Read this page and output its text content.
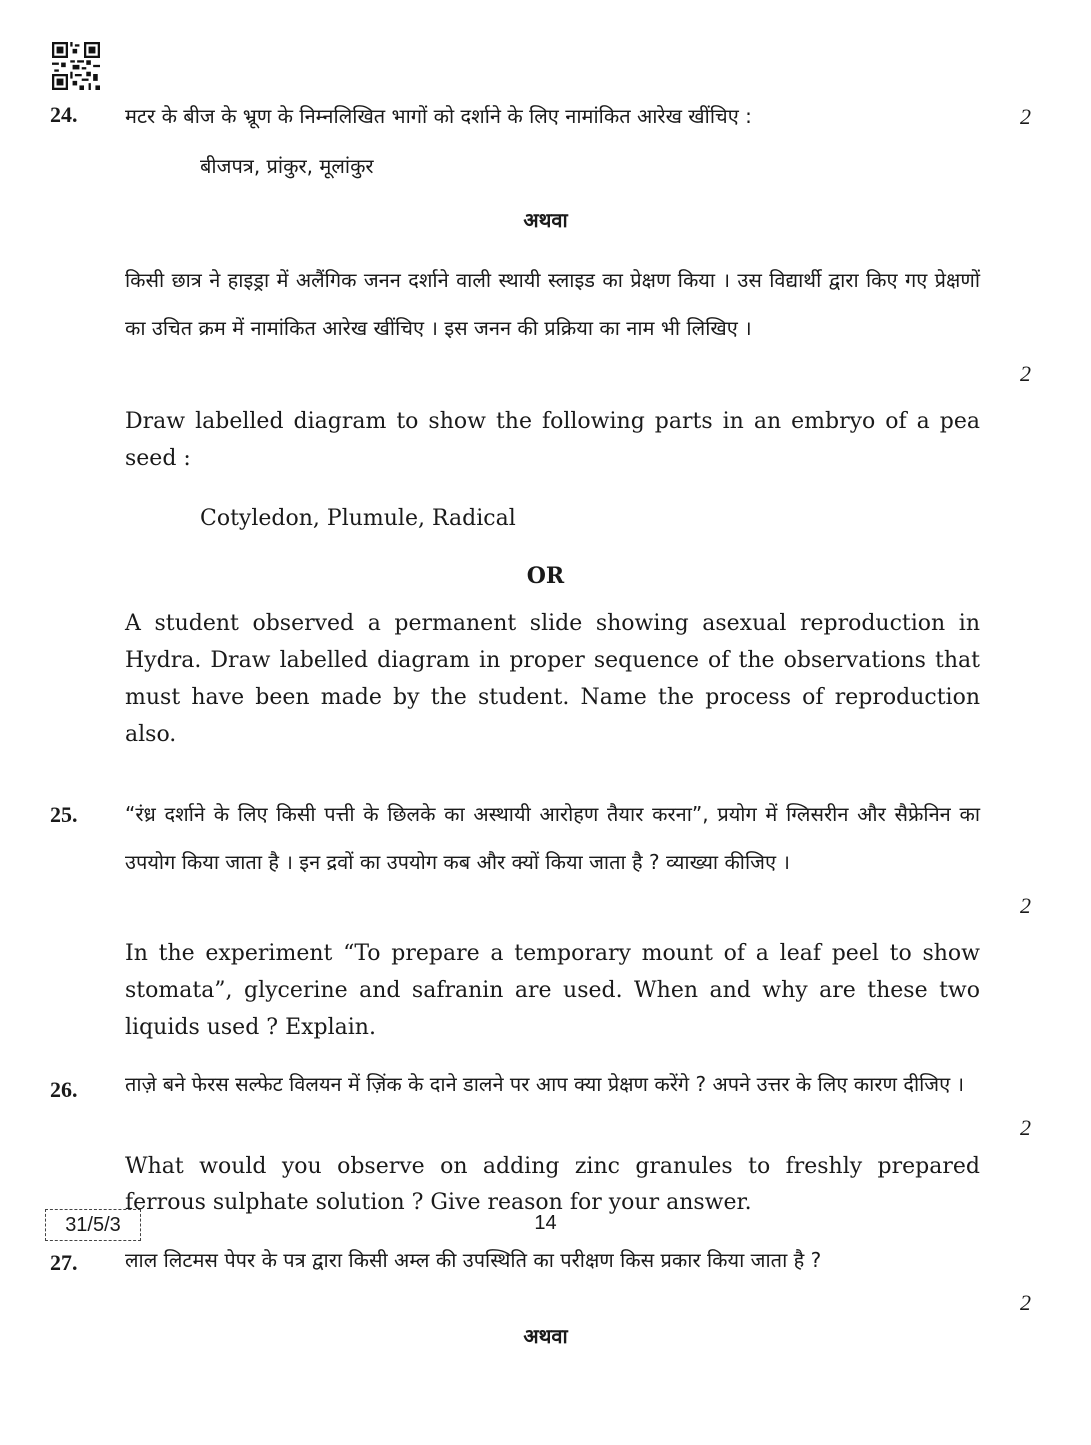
24. मटर के बीज के भ्रूण के निम्नलिखित भागों को दर्शाने के लिए नामांकित आरेख खींचिए :	2
बीजपत्र, प्रांकुर, मूलांकुर
अथवा
किसी छात्र ने हाइड्रा में अलैंगिक जनन दर्शाने वाली स्थायी स्लाइड का प्रेक्षण किया । उस विद्यार्थी द्वारा किए गए प्रेक्षणों का उचित क्रम में नामांकित आरेख खींचिए । इस जनन की प्रक्रिया का नाम भी लिखिए ।
2
Draw labelled diagram to show the following parts in an embryo of a pea seed :
Cotyledon, Plumule, Radical
OR
A student observed a permanent slide showing asexual reproduction in Hydra. Draw labelled diagram in proper sequence of the observations that must have been made by the student. Name the process of reproduction also.
25. “रंध्र दर्शाने के लिए किसी पत्ती के छिलके का अस्थायी आरोहण तैयार करना”, प्रयोग में ग्लिसरीन और सैफ्रेनिन का उपयोग किया जाता है । इन द्रवों का उपयोग कब और क्यों किया जाता है ? व्याख्या कीजिए ।
2
In the experiment “To prepare a temporary mount of a leaf peel to show stomata”, glycerine and safranin are used. When and why are these two liquids used ? Explain.
26. ताज़े बने फेरस सल्फेट विलयन में ज़िंक के दाने डालने पर आप क्या प्रेक्षण करेंगे ? अपने उत्तर के लिए कारण दीजिए ।
2
What would you observe on adding zinc granules to freshly prepared ferrous sulphate solution ? Give reason for your answer.
27. लाल लिटमस पेपर के पत्र द्वारा किसी अम्ल की उपस्थिति का परीक्षण किस प्रकार किया जाता है ?
2
अथवा
31/5/3	14
